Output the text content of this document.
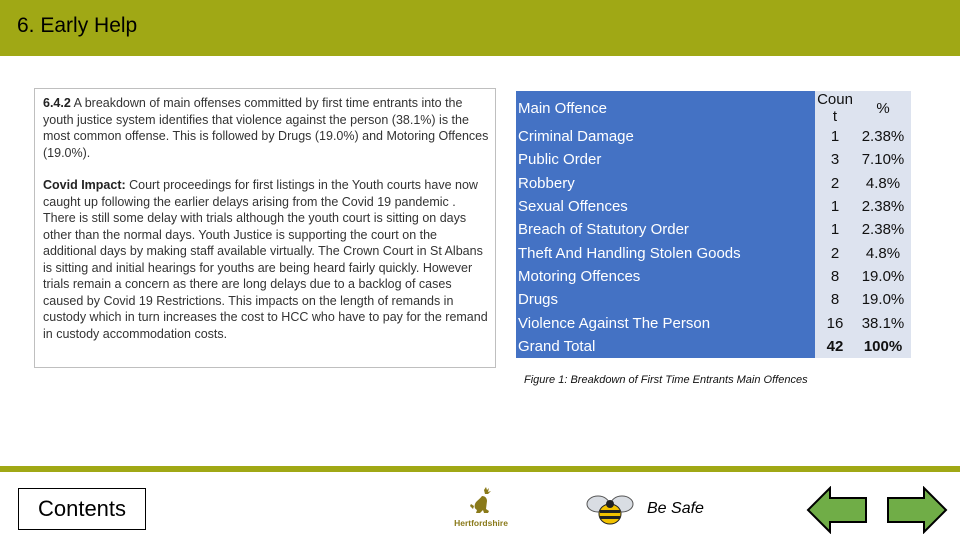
6. Early Help

6.4.2 A breakdown of main offenses committed by first time entrants into the youth justice system identifies that violence against the person (38.1%) is the most common offense. This is followed by Drugs (19.0%) and Motoring Offences (19.0%).

Covid Impact: Court proceedings for first listings in the Youth courts have now caught up following the earlier delays arising from the Covid 19 pandemic . There is still some delay with trials although the youth court is sitting on days other than the normal days. Youth Justice is supporting the court on the additional days by making staff available virtually. The Crown Court in St Albans is sitting and initial hearings for youths are being heard fairly quickly. However trials remain a concern as there are long delays due to a backlog of cases caused by Covid 19 Restrictions. This impacts on the length of remands in custody which in turn increases the cost to HCC who have to pay for the remand in custody accommodation costs.

Main Offence	Coun t	%
Criminal Damage	1	2.38%
Public Order	3	7.10%
Robbery	2	4.8%
Sexual Offences	1	2.38%
Breach of Statutory Order	1	2.38%
Theft And Handling Stolen Goods	2	4.8%
Motoring Offences	8	19.0%
Drugs	8	19.0%
Violence Against The Person	16	38.1%
Grand Total	42	100%
Figure 1: Breakdown of First Time Entrants Main Offences
Contents
Hertfordshire
Be Safe
